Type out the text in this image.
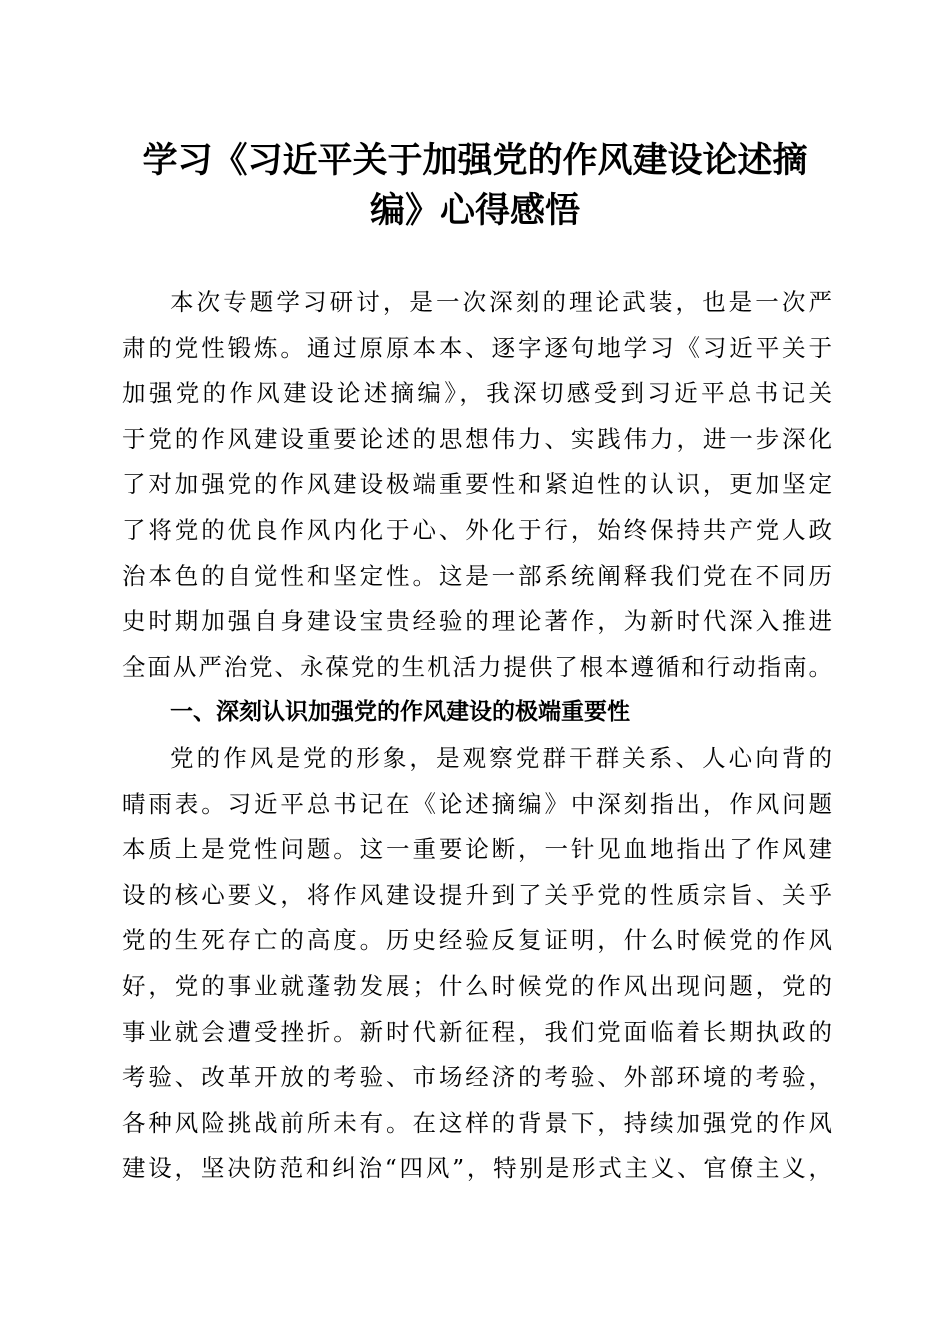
学习《习近平关于加强党的作风建设论述摘
编》心得感悟
本次专题学习研讨，是一次深刻的理论武装，也是一次严
肃的党性锻炼。通过原原本本、逐字逐句地学习《习近平关于
加强党的作风建设论述摘编》，我深切感受到习近平总书记关
于党的作风建设重要论述的思想伟力、实践伟力，进一步深化
了对加强党的作风建设极端重要性和紧迫性的认识，更加坚定
了将党的优良作风内化于心、外化于行，始终保持共产党人政
治本色的自觉性和坚定性。这是一部系统阐释我们党在不同历
史时期加强自身建设宝贵经验的理论著作，为新时代深入推进
全面从严治党、永葆党的生机活力提供了根本遵循和行动指南。
一、深刻认识加强党的作风建设的极端重要性
党的作风是党的形象，是观察党群干群关系、人心向背的
晴雨表。习近平总书记在《论述摘编》中深刻指出，作风问题
本质上是党性问题。这一重要论断，一针见血地指出了作风建
设的核心要义，将作风建设提升到了关乎党的性质宗旨、关乎
党的生死存亡的高度。历史经验反复证明，什么时候党的作风
好，党的事业就蓬勃发展；什么时候党的作风出现问题，党的
事业就会遭受挫折。新时代新征程，我们党面临着长期执政的
考验、改革开放的考验、市场经济的考验、外部环境的考验，
各种风险挑战前所未有。在这样的背景下，持续加强党的作风
建设，坚决防范和纠治“四风”，特别是形式主义、官僚主义，
